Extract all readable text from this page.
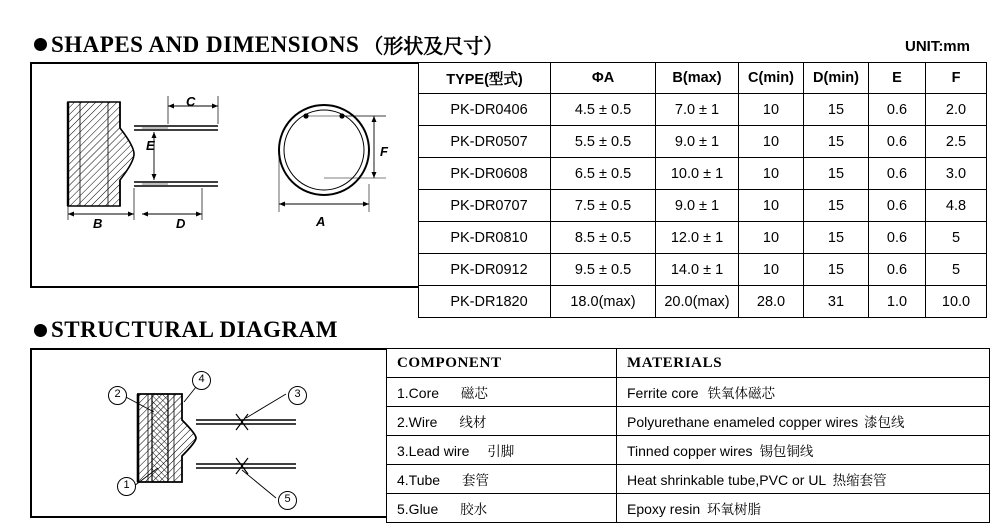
SHAPES AND DIMENSIONS （形状及尺寸）	UNIT:mm
C
E
B	D
F
A
TYPE(型式)	ΦA	B(max)	C(min)	D(min)	E	F
PK-DR0406	4.5 ± 0.5	7.0 ± 1	10	15	0.6	2.0
PK-DR0507	5.5 ± 0.5	9.0 ± 1	10	15	0.6	2.5
PK-DR0608	6.5 ± 0.5	10.0 ± 1	10	15	0.6	3.0
PK-DR0707	7.5 ± 0.5	9.0 ± 1	10	15	0.6	4.8
PK-DR0810	8.5 ± 0.5	12.0 ± 1	10	15	0.6	5
PK-DR0912	9.5 ± 0.5	14.0 ± 1	10	15	0.6	5
PK-DR1820	18.0(max)	20.0(max)	28.0	31	1.0	10.0
STRUCTURAL DIAGRAM
2
4
3
1
5
COMPONENT	MATERIALS
1.Core 磁芯	Ferrite core 铁氧体磁芯
2.Wire 线材	Polyurethane enameled copper wires 漆包线
3.Lead wire 引脚	Tinned copper wires 锡包铜线
4.Tube 套管	Heat shrinkable tube,PVC or UL 热缩套管
5.Glue 胶水	Epoxy resin 环氧树脂
